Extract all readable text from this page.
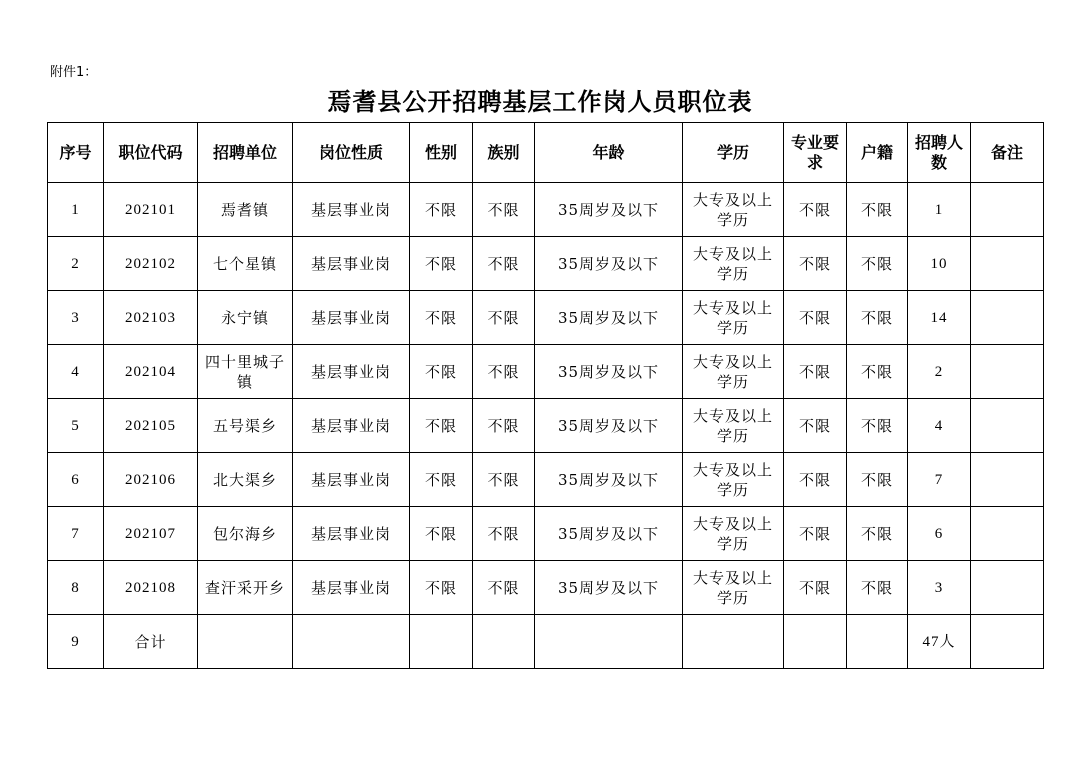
附件1：
焉耆县公开招聘基层工作岗人员职位表
序号	职位代码	招聘单位	岗位性质	性别	族别	年龄	学历	专业要求	户籍	招聘人数	备注
1	202101	焉耆镇	基层事业岗	不限	不限	35周岁及以下	大专及以上学历	不限	不限	1	
2	202102	七个星镇	基层事业岗	不限	不限	35周岁及以下	大专及以上学历	不限	不限	10	
3	202103	永宁镇	基层事业岗	不限	不限	35周岁及以下	大专及以上学历	不限	不限	14	
4	202104	四十里城子镇	基层事业岗	不限	不限	35周岁及以下	大专及以上学历	不限	不限	2	
5	202105	五号渠乡	基层事业岗	不限	不限	35周岁及以下	大专及以上学历	不限	不限	4	
6	202106	北大渠乡	基层事业岗	不限	不限	35周岁及以下	大专及以上学历	不限	不限	7	
7	202107	包尔海乡	基层事业岗	不限	不限	35周岁及以下	大专及以上学历	不限	不限	6	
8	202108	查汗采开乡	基层事业岗	不限	不限	35周岁及以下	大专及以上学历	不限	不限	3	
9	合计									47人	
